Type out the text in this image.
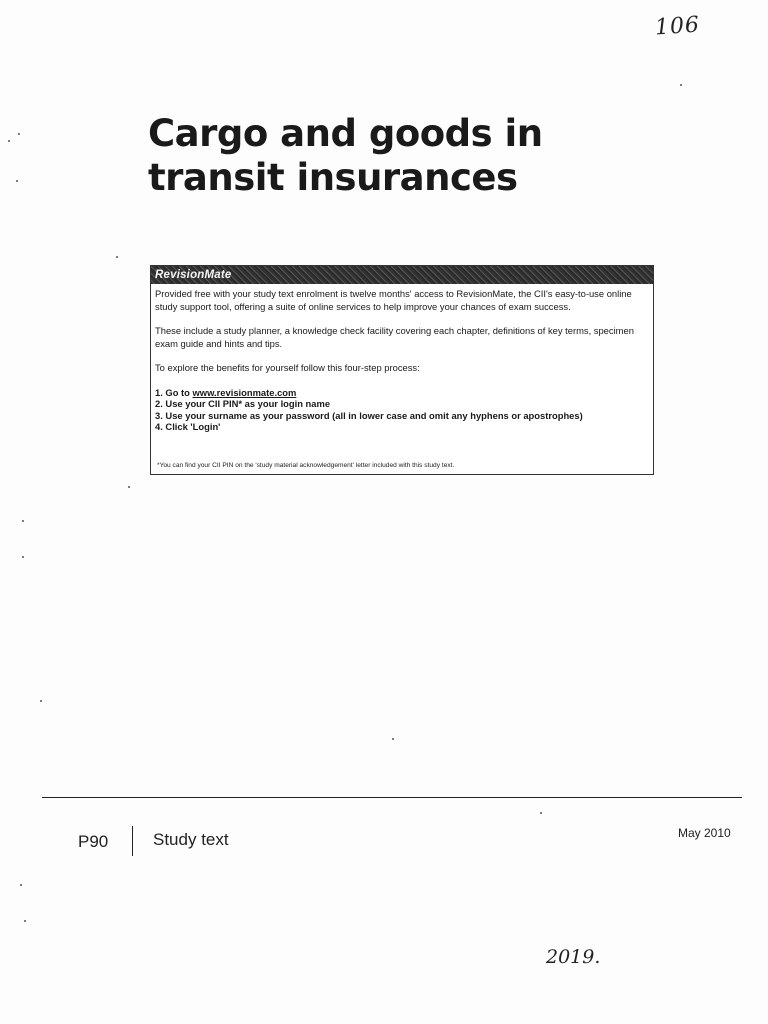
106
Cargo and goods in
transit insurances
RevisionMate

Provided free with your study text enrolment is twelve months' access to RevisionMate, the CII's easy-to-use online study support tool, offering a suite of online services to help improve your chances of exam success.

These include a study planner, a knowledge check facility covering each chapter, definitions of key terms, specimen exam guide and hints and tips.

To explore the benefits for yourself follow this four-step process:

1. Go to www.revisionmate.com
2. Use your CII PIN* as your login name
3. Use your surname as your password (all in lower case and omit any hyphens or apostrophes)
4. Click 'Login'
*You can find your CII PIN on the 'study material acknowledgement' letter included with this study text.
P90	Study text	May 2010
2019.
